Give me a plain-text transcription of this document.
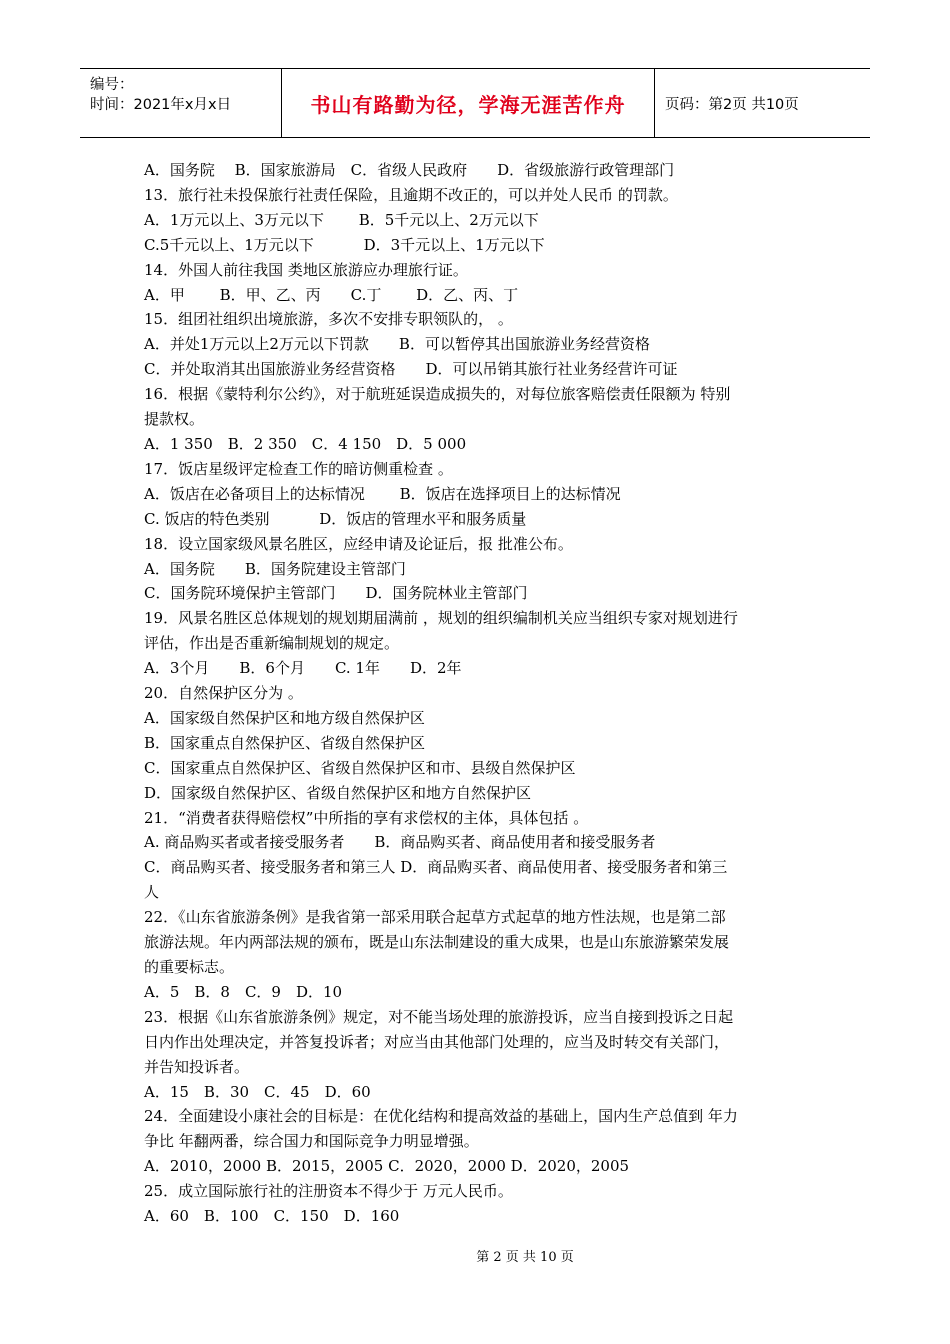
编号：
时间：2021年x月x日	书山有路勤为径，学海无涯苦作舟	页码：第2页 共10页
A．国务院　 B．国家旅游局　C．省级人民政府　　D．省级旅游行政管理部门
13．旅行社未投保旅行社责任保险，且逾期不改正的，可以并处人民币 的罚款。
A．1万元以上、3万元以下　　 B．5千元以上、2万元以下
C.5千元以上、1万元以下　　　 D．3千元以上、1万元以下
14．外国人前往我国 类地区旅游应办理旅行证。
A．甲　　 B．甲、乙、丙　　C.丁　　 D．乙、丙、丁
15．组团社组织出境旅游，多次不安排专职领队的， 。
A．并处1万元以上2万元以下罚款　　B．可以暂停其出国旅游业务经营资格
C．并处取消其出国旅游业务经营资格　　D．可以吊销其旅行社业务经营许可证
16．根据《蒙特利尔公约》，对于航班延误造成损失的，对每位旅客赔偿责任限额为 特别
提款权。
A．1 350　B．2 350　C．4 150　D．5 000
17．饭店星级评定检查工作的暗访侧重检查 。
A．饭店在必备项目上的达标情况　　 B．饭店在选择项目上的达标情况
C. 饭店的特色类别　　　 D．饭店的管理水平和服务质量
18．设立国家级风景名胜区，应经申请及论证后，报 批准公布。
A．国务院　　B．国务院建设主管部门
C．国务院环境保护主管部门　　D．国务院林业主管部门
19．风景名胜区总体规划的规划期届满前 ，规划的组织编制机关应当组织专家对规划进行
评估，作出是否重新编制规划的规定。
A．3个月　　B．6个月　　C. 1年　　D．2年
20．自然保护区分为 。
A．国家级自然保护区和地方级自然保护区
B．国家重点自然保护区、省级自然保护区
C．国家重点自然保护区、省级自然保护区和市、县级自然保护区
D．国家级自然保护区、省级自然保护区和地方自然保护区
21．“消费者获得赔偿权”中所指的享有求偿权的主体，具体包括 。
A. 商品购买者或者接受服务者　　B．商品购买者、商品使用者和接受服务者
C．商品购买者、接受服务者和第三人 D．商品购买者、商品使用者、接受服务者和第三
人
22．《山东省旅游条例》是我省第一部采用联合起草方式起草的地方性法规，也是第二部
旅游法规。年内两部法规的颁布，既是山东法制建设的重大成果，也是山东旅游繁荣发展
的重要标志。
A．5　B．8　C．9　D．10
23．根据《山东省旅游条例》规定，对不能当场处理的旅游投诉，应当自接到投诉之日起
日内作出处理决定，并答复投诉者；对应当由其他部门处理的，应当及时转交有关部门，
并告知投诉者。
A．15　B．30　C．45　D．60
24．全面建设小康社会的目标是：在优化结构和提高效益的基础上，国内生产总值到 年力
争比 年翻两番，综合国力和国际竞争力明显增强。
A．2010，2000 B．2015，2005 C．2020，2000 D．2020，2005
25．成立国际旅行社的注册资本不得少于 万元人民币。
A．60　B．100　C．150　D．160
第 2 页 共 10 页
